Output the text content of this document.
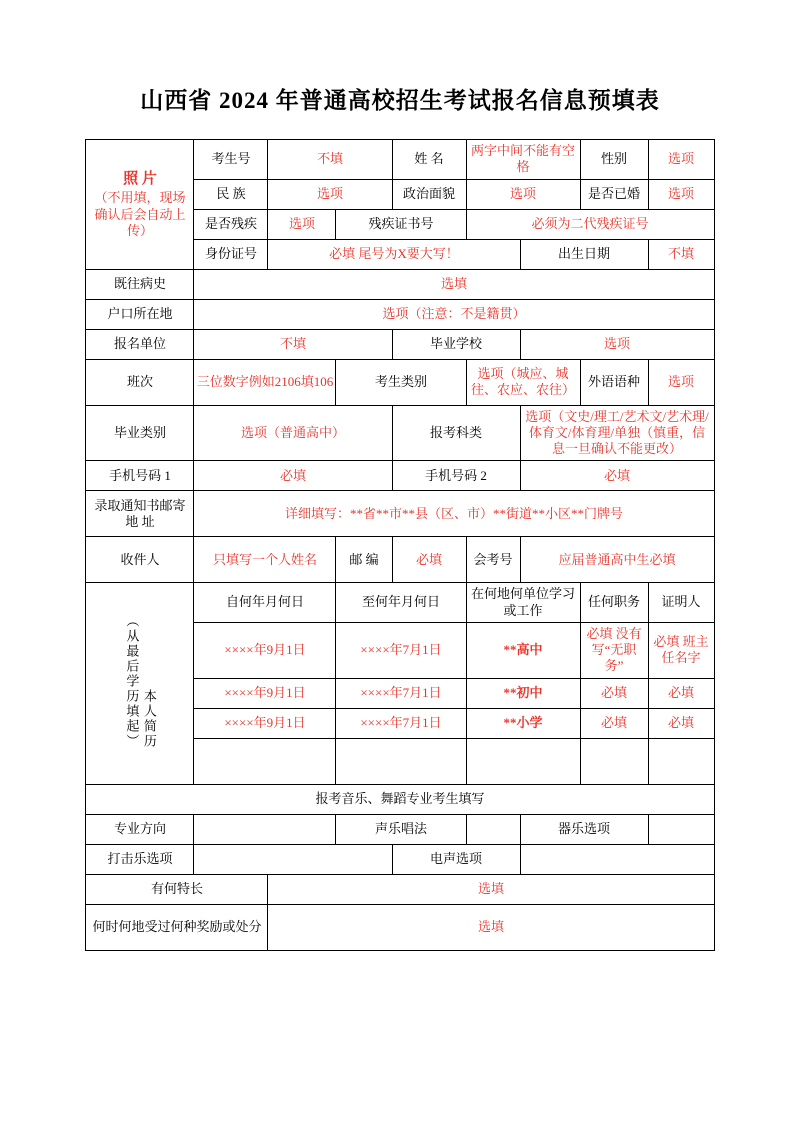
山西省 2024 年普通高校招生考试报名信息预填表
照 片
（不用填，现场确认后会自动上传）	考生号	不填		姓 名	两字中间不能有空格		性别	选项
	民 族	选项		政治面貌	选项		是否已婚	选项
	是否残疾	选项	残疾证书号		必须为二代残疾证号			
	身份证号	必填 尾号为X要大写！				出生日期		不填
既往病史	选填							
户口所在地	选项（注意：不是籍贯）							
报名单位	不填			毕业学校		选项		
班次	三位数字例如2106填106		考生类别		选项（城应、城往、农应、农往）		外语语种	选项
毕业类别	选项（普通高中）			报考科类		选项（文史/理工/艺术文/艺术理/体育文/体育理/单独（慎重，信息一旦确认不能更改）		
手机号码 1	必填			手机号码 2		必填		
录取通知书邮寄地 址	详细填写：**省**市**县（区、市）**街道**小区**门牌号							
收件人	只填写一个人姓名		邮 编	必填	会考号	应届普通高中生必填		
（从最后学历填起） 本人简历	自何年月何日		至何年月何日		在何地何单位学习或工作		任何职务	证明人
	××××年9月1日		××××年7月1日		**高中		必填 没有写“无职务”	必填 班主任名字
	××××年9月1日		××××年7月1日		**初中		必填	必填
	××××年9月1日		××××年7月1日		**小学		必填	必填

报考音乐、舞蹈专业考生填写								
专业方向			声乐唱法			器乐选项		
打击乐选项				电声选项				
有何特长		选填						
何时何地受过何种奖励或处分		选填						
